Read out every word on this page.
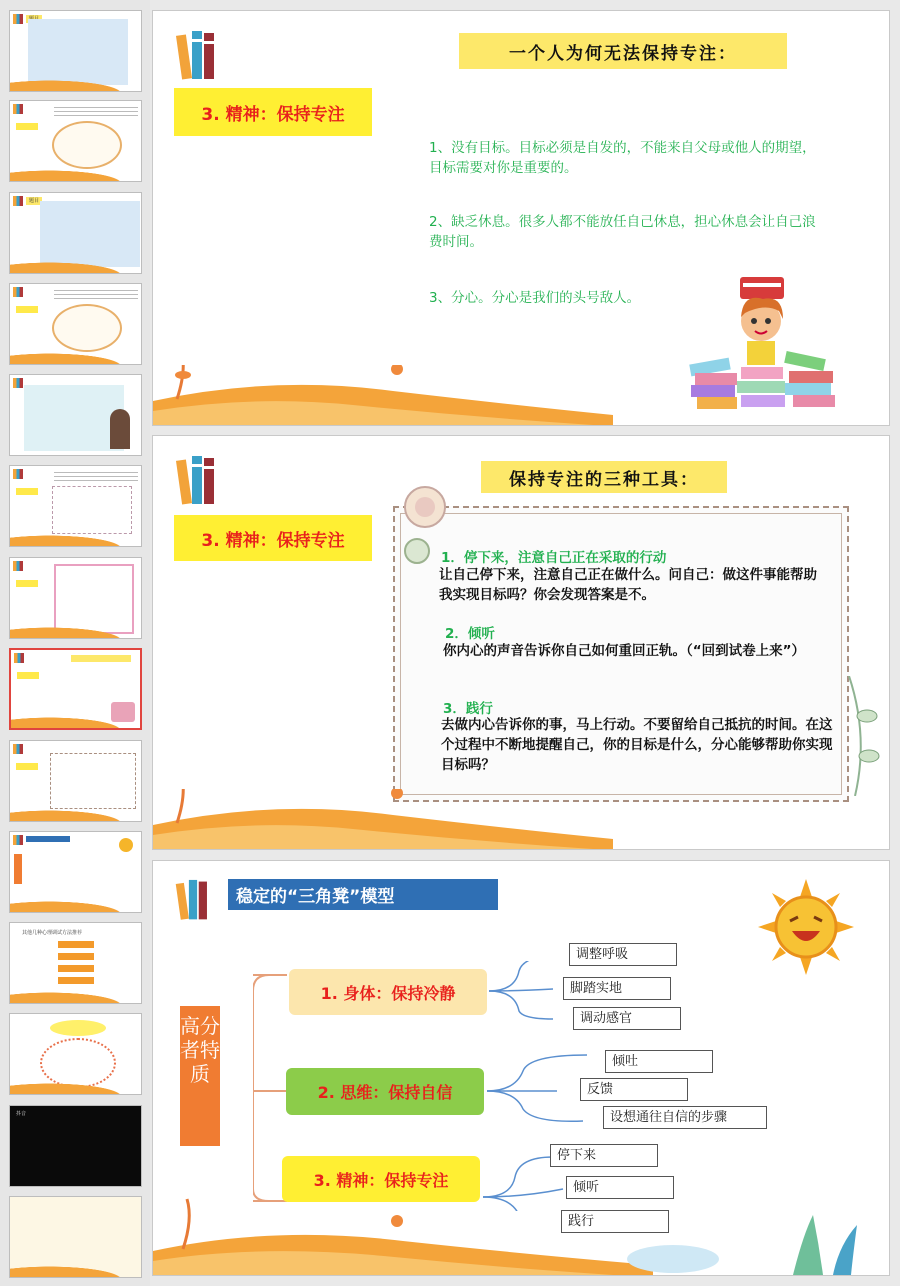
题目
其他几种心理调试方法推荐
抖音
3. 精神：保持专注
一个人为何无法保持专注：
1、没有目标。目标必须是自发的，不能来自父母或他人的期望，目标需要对你是重要的。
2、缺乏休息。很多人都不能放任自己休息，担心休息会让自己浪费时间。
3、分心。分心是我们的头号敌人。
3. 精神：保持专注
保持专注的三种工具：
1．停下来，注意自己正在采取的行动
让自己停下来，注意自己正在做什么。问自己：做这件事能帮助我实现目标吗？你会发现答案是不。
2．倾听
你内心的声音告诉你自己如何重回正轨。（“回到试卷上来”）
3．践行
去做内心告诉你的事，马上行动。不要留给自己抵抗的时间。在这个过程中不断地提醒自己，你的目标是什么，分心能够帮助你实现目标吗？
稳定的“三角凳”模型
高分者特质
1. 身体：保持冷静
2. 思维：保持自信
3. 精神：保持专注
调整呼吸
脚踏实地
调动感官
倾吐
反馈
设想通往自信的步骤
停下来
倾听
践行
